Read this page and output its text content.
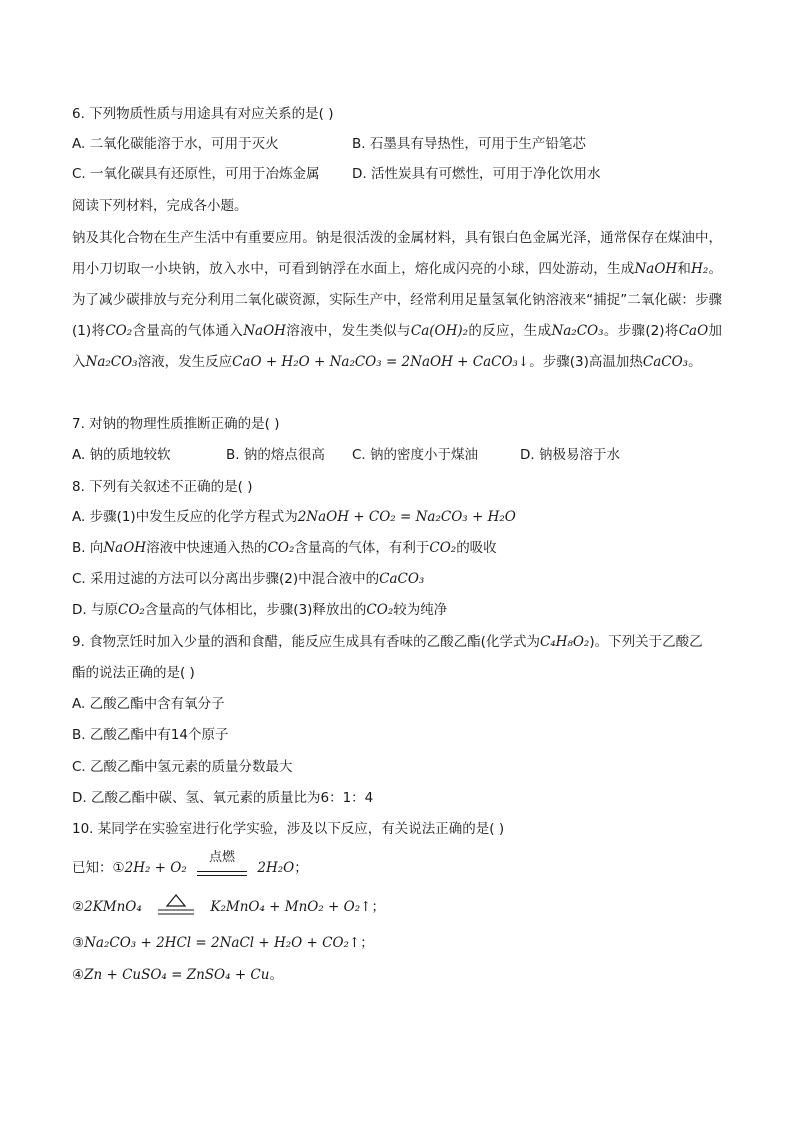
6. 下列物质性质与用途具有对应关系的是( )
A. 二氧化碳能溶于水，可用于灭火	B. 石墨具有导热性，可用于生产铅笔芯
C. 一氧化碳具有还原性，可用于冶炼金属 D. 活性炭具有可燃性，可用于净化饮用水
阅读下列材料，完成各小题。
钠及其化合物在生产生活中有重要应用。钠是很活泼的金属材料，具有银白色金属光泽，通常保存在煤油中，用小刀切取一小块钠，放入水中，可看到钠浮在水面上，熔化成闪亮的小球，四处游动，生成NaOH和H₂。为了减少碳排放与充分利用二氧化碳资源，实际生产中，经常利用足量氢氧化钠溶液来“捕捉”二氧化碳：步骤(1)将CO₂含量高的气体通入NaOH溶液中，发生类似与Ca(OH)₂的反应，生成Na₂CO₃。步骤(2)将CaO加入Na₂CO₃溶液，发生反应CaO + H₂O + Na₂CO₃ = 2NaOH + CaCO₃↓。步骤(3)高温加热CaCO₃。
7. 对钠的物理性质推断正确的是( )
A. 钠的质地较软	B. 钠的熔点很高 C. 钠的密度小于煤油	D. 钠极易溶于水
8. 下列有关叙述不正确的是( )
A. 步骤(1)中发生反应的化学方程式为2NaOH + CO₂ = Na₂CO₃ + H₂O
B. 向NaOH溶液中快速通入热的CO₂含量高的气体，有利于CO₂的吸收
C. 采用过滤的方法可以分离出步骤(2)中混合液中的CaCO₃
D. 与原CO₂含量高的气体相比，步骤(3)释放出的CO₂较为纯净
9. 食物烹饪时加入少量的酒和食醋，能反应生成具有香味的乙酸乙酯(化学式为C₄H₈O₂)。下列关于乙酸乙
酯的说法正确的是( )
A. 乙酸乙酯中含有氧分子
B. 乙酸乙酯中有14个原子
C. 乙酸乙酯中氢元素的质量分数最大
D. 乙酸乙酯中碳、氢、氧元素的质量比为6：1：4
10. 某同学在实验室进行化学实验，涉及以下反应，有关说法正确的是( )
已知：①2H₂ + O₂
点燃
2H₂O；
②2KMnO₄	K₂MnO₄ + MnO₂ + O₂↑；
③Na₂CO₃ + 2HCl = 2NaCl + H₂O + CO₂↑；
④Zn + CuSO₄ = ZnSO₄ + Cu。
